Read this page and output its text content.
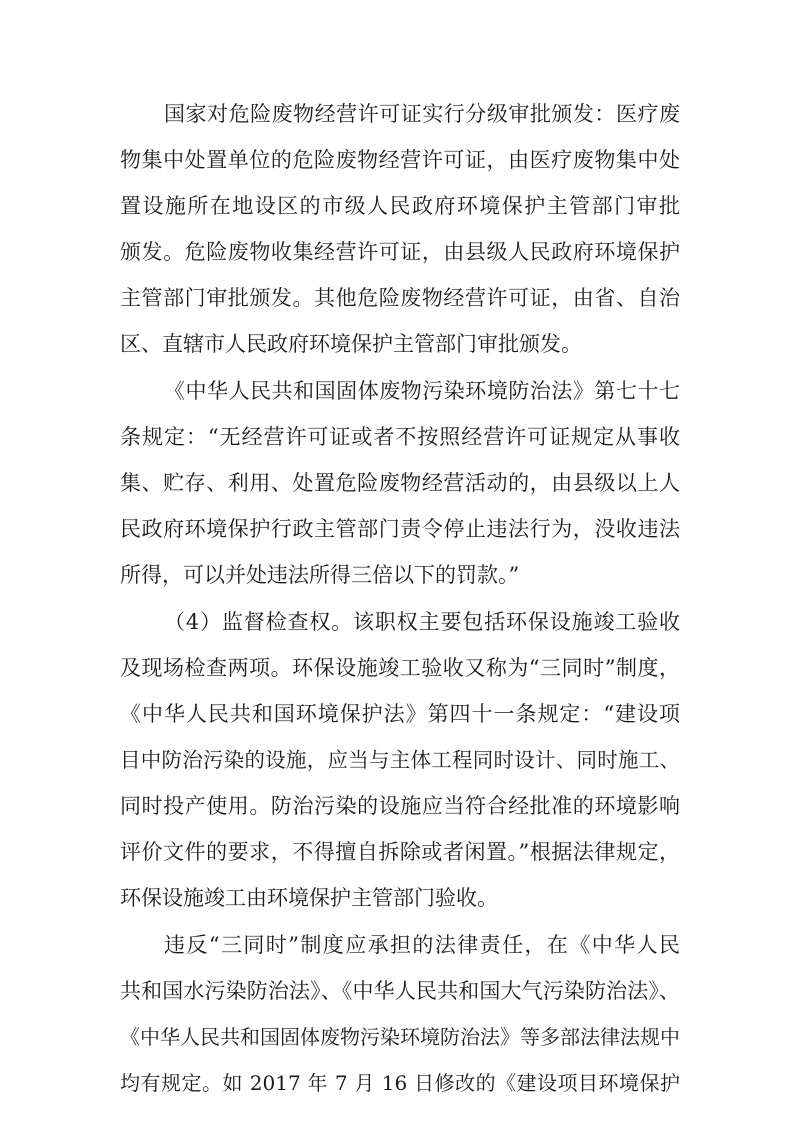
国家对危险废物经营许可证实行分级审批颁发：医疗废
物集中处置单位的危险废物经营许可证，由医疗废物集中处
置设施所在地设区的市级人民政府环境保护主管部门审批
颁发。危险废物收集经营许可证，由县级人民政府环境保护
主管部门审批颁发。其他危险废物经营许可证，由省、自治
区、直辖市人民政府环境保护主管部门审批颁发。
《中华人民共和国固体废物污染环境防治法》第七十七
条规定：“无经营许可证或者不按照经营许可证规定从事收
集、贮存、利用、处置危险废物经营活动的，由县级以上人
民政府环境保护行政主管部门责令停止违法行为，没收违法
所得，可以并处违法所得三倍以下的罚款。”
（4）监督检查权。该职权主要包括环保设施竣工验收
及现场检查两项。环保设施竣工验收又称为“三同时”制度，
《中华人民共和国环境保护法》第四十一条规定：“建设项
目中防治污染的设施，应当与主体工程同时设计、同时施工、
同时投产使用。防治污染的设施应当符合经批准的环境影响
评价文件的要求，不得擅自拆除或者闲置。”根据法律规定，
环保设施竣工由环境保护主管部门验收。
违反“三同时”制度应承担的法律责任，在《中华人民
共和国水污染防治法》、《中华人民共和国大气污染防治法》、
《中华人民共和国固体废物污染环境防治法》等多部法律法规中
均有规定。如 2017 年 7 月 16 日修改的《建设项目环境保护
